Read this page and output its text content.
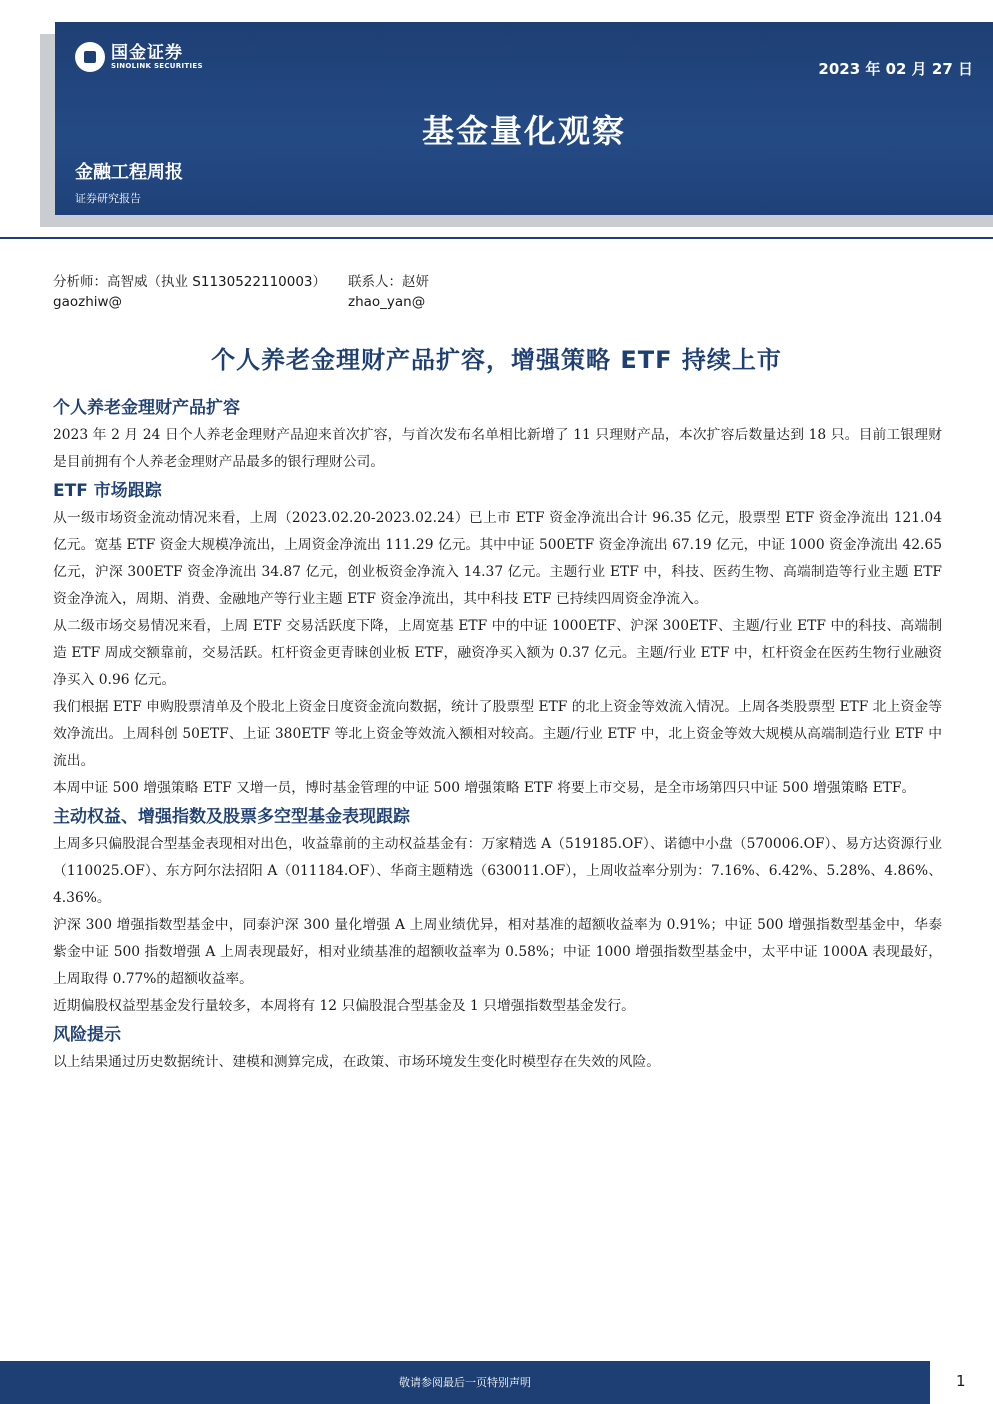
国金证券
SINOLINK SECURITIES	2023 年 02 月 27 日
基金量化观察
金融工程周报
证券研究报告
分析师：高智威（执业 S1130522110003）	联系人：赵妍
gaozhiw@	zhao_yan@
个人养老金理财产品扩容，增强策略 ETF 持续上市
个人养老金理财产品扩容

2023 年 2 月 24 日个人养老金理财产品迎来首次扩容，与首次发布名单相比新增了 11 只理财产品，本次扩容后数量达到 18 只。目前工银理财是目前拥有个人养老金理财产品最多的银行理财公司。

ETF 市场跟踪

从一级市场资金流动情况来看，上周（2023.02.20-2023.02.24）已上市 ETF 资金净流出合计 96.35 亿元，股票型 ETF 资金净流出 121.04 亿元。宽基 ETF 资金大规模净流出，上周资金净流出 111.29 亿元。其中中证 500ETF 资金净流出 67.19 亿元，中证 1000 资金净流出 42.65 亿元，沪深 300ETF 资金净流出 34.87 亿元，创业板资金净流入 14.37 亿元。主题行业 ETF 中，科技、医药生物、高端制造等行业主题 ETF 资金净流入，周期、消费、金融地产等行业主题 ETF 资金净流出，其中科技 ETF 已持续四周资金净流入。

从二级市场交易情况来看，上周 ETF 交易活跃度下降，上周宽基 ETF 中的中证 1000ETF、沪深 300ETF、主题/行业 ETF 中的科技、高端制造 ETF 周成交额靠前，交易活跃。杠杆资金更青睐创业板 ETF，融资净买入额为 0.37 亿元。主题/行业 ETF 中，杠杆资金在医药生物行业融资净买入 0.96 亿元。

我们根据 ETF 申购股票清单及个股北上资金日度资金流向数据，统计了股票型 ETF 的北上资金等效流入情况。上周各类股票型 ETF 北上资金等效净流出。上周科创 50ETF、上证 380ETF 等北上资金等效流入额相对较高。主题/行业 ETF 中，北上资金等效大规模从高端制造行业 ETF 中流出。

本周中证 500 增强策略 ETF 又增一员，博时基金管理的中证 500 增强策略 ETF 将要上市交易，是全市场第四只中证 500 增强策略 ETF。

主动权益、增强指数及股票多空型基金表现跟踪

上周多只偏股混合型基金表现相对出色，收益靠前的主动权益基金有：万家精选 A（519185.OF）、诺德中小盘（570006.OF）、易方达资源行业（110025.OF）、东方阿尔法招阳 A（011184.OF）、华商主题精选（630011.OF），上周收益率分别为：7.16%、6.42%、5.28%、4.86%、4.36%。

沪深 300 增强指数型基金中，同泰沪深 300 量化增强 A 上周业绩优异，相对基准的超额收益率为 0.91%；中证 500 增强指数型基金中，华泰紫金中证 500 指数增强 A 上周表现最好，相对业绩基准的超额收益率为 0.58%；中证 1000 增强指数型基金中，太平中证 1000A 表现最好，上周取得 0.77%的超额收益率。

近期偏股权益型基金发行量较多，本周将有 12 只偏股混合型基金及 1 只增强指数型基金发行。

风险提示

以上结果通过历史数据统计、建模和测算完成，在政策、市场环境发生变化时模型存在失效的风险。

敬请参阅最后一页特别声明	1
